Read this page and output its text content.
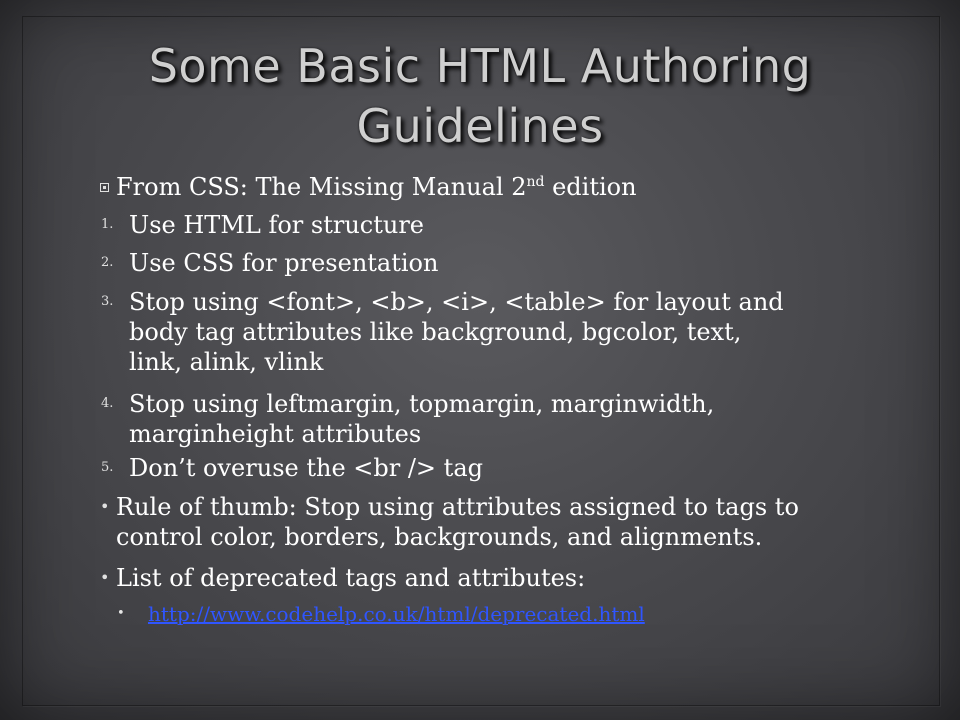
Some Basic HTML Authoring
Guidelines
From CSS: The Missing Manual 2nd edition
1. Use HTML for structure
2. Use CSS for presentation
3. Stop using <font>, <b>, <i>, <table> for layout and
body tag attributes like background, bgcolor, text,
link, alink, vlink
4. Stop using leftmargin, topmargin, marginwidth,
marginheight attributes
5. Don’t overuse the <br /> tag
• Rule of thumb: Stop using attributes assigned to tags to
control color, borders, backgrounds, and alignments.
• List of deprecated tags and attributes:
• http://www.codehelp.co.uk/html/deprecated.html
